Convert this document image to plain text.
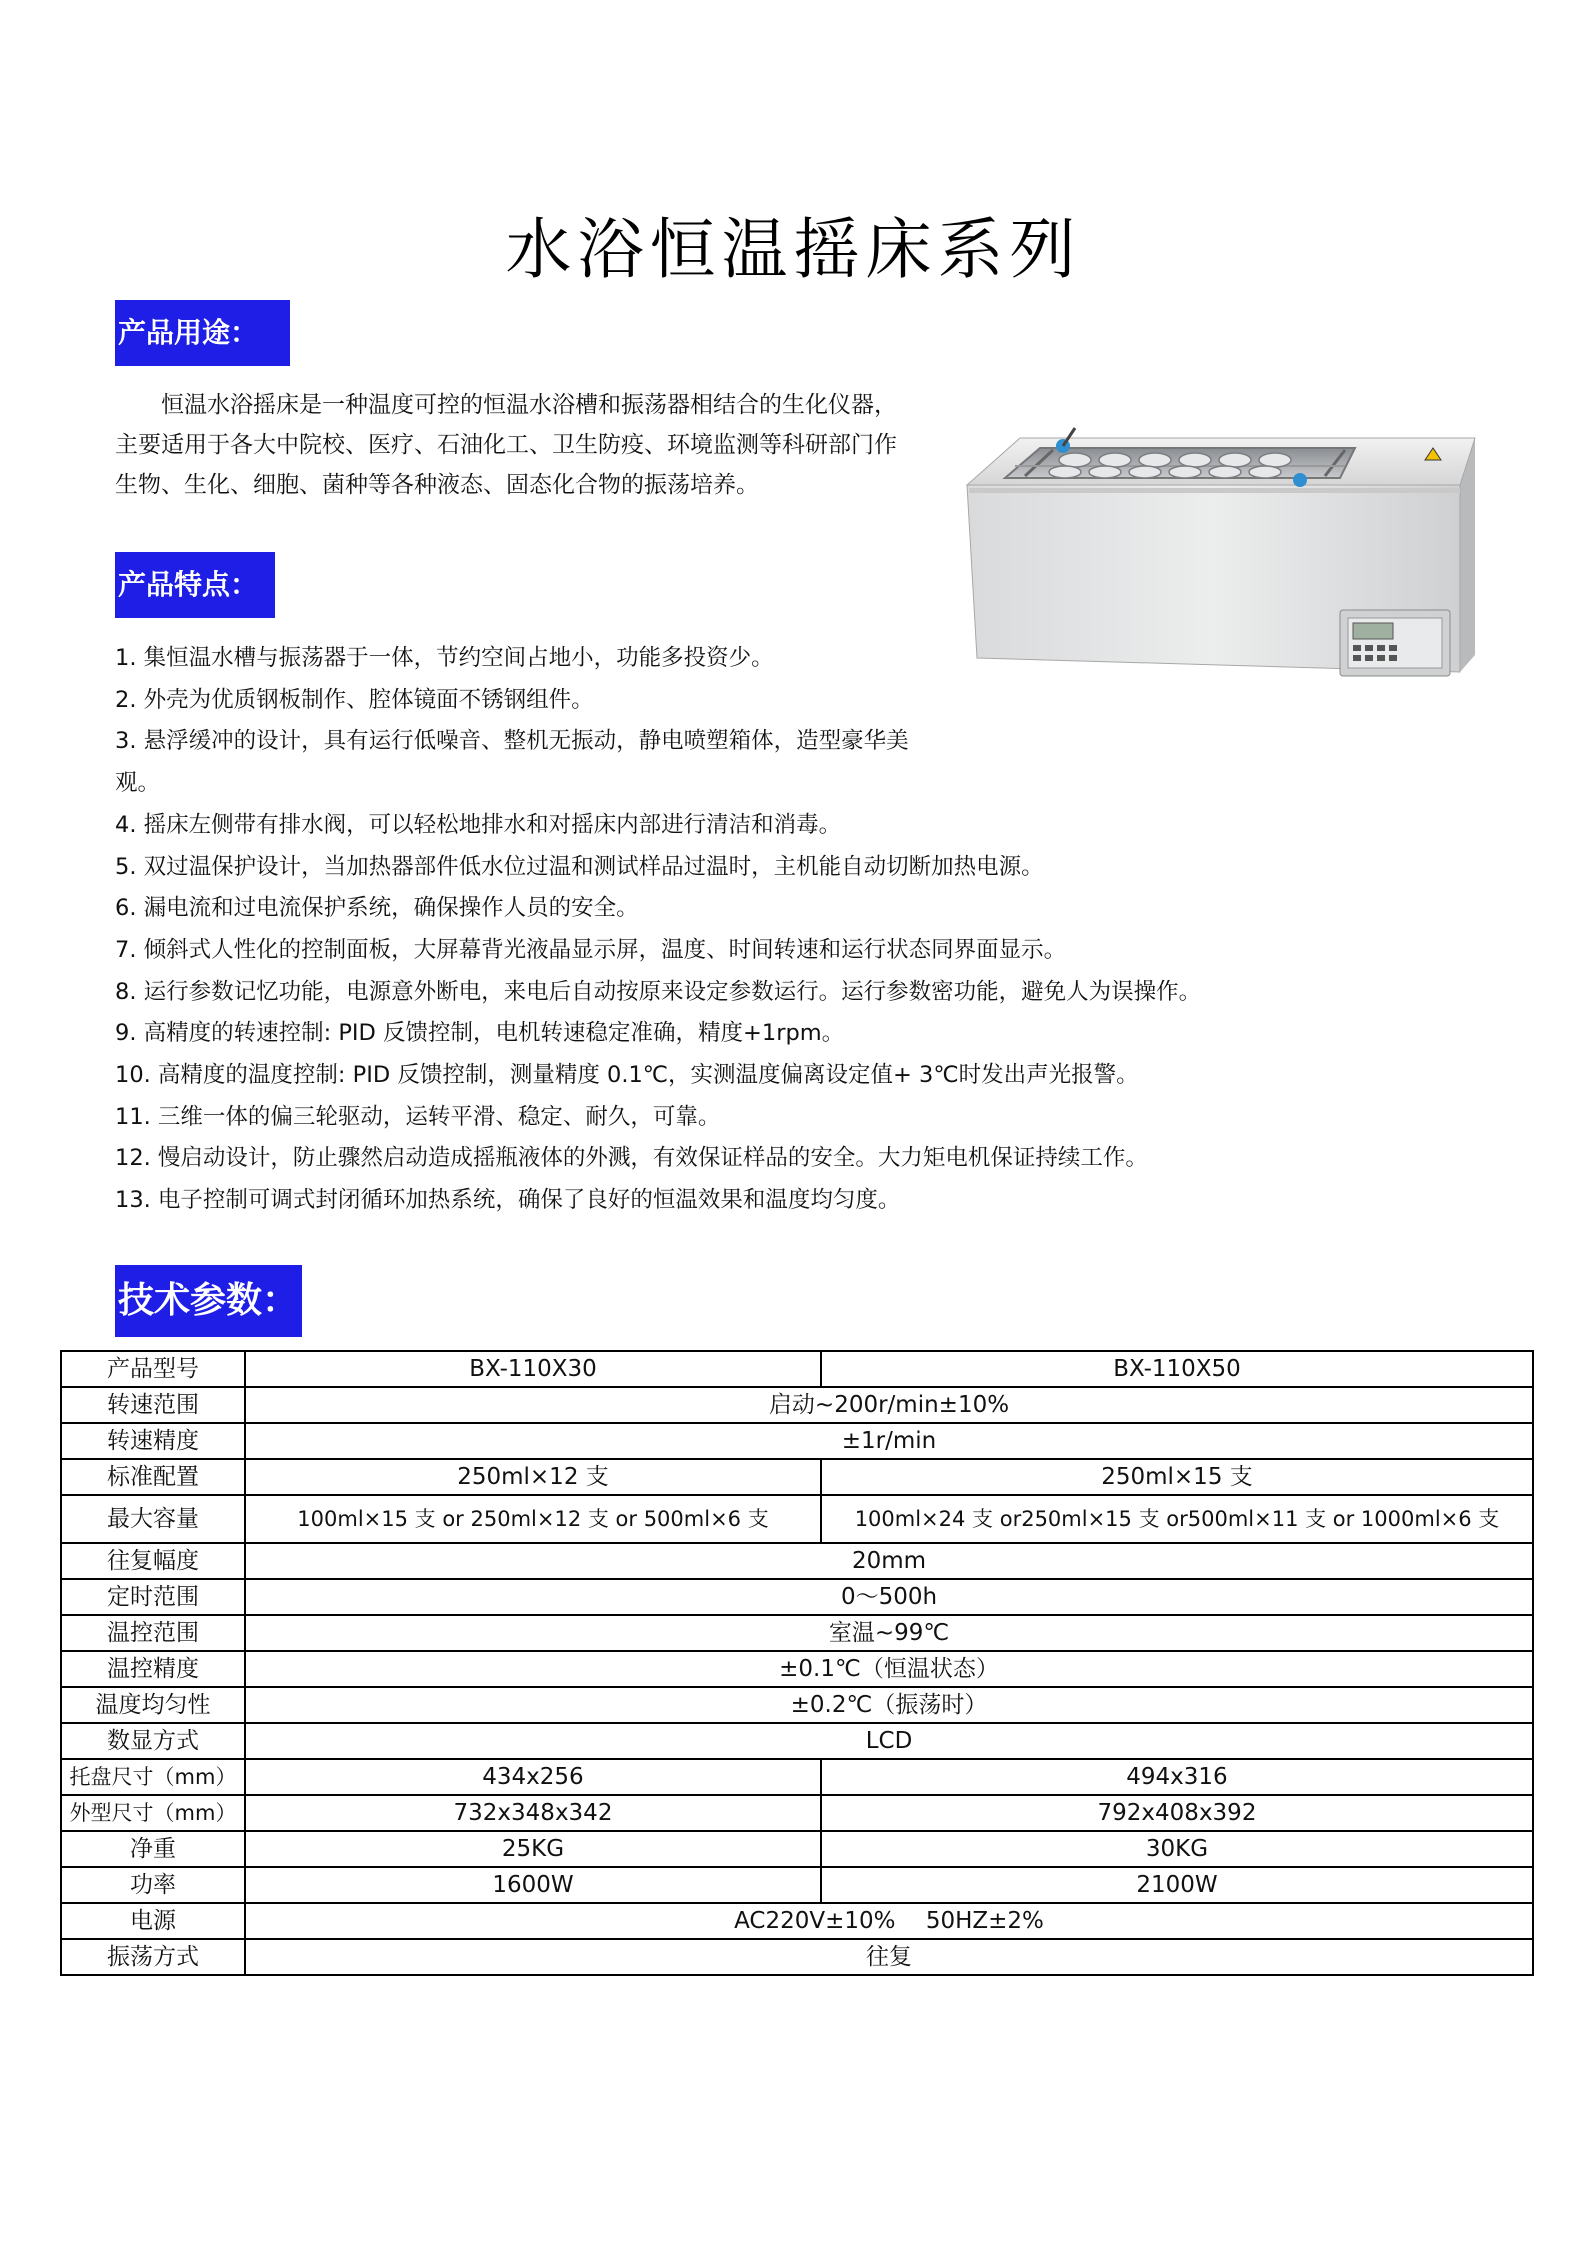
水浴恒温摇床系列
产品用途：

恒温水浴摇床是一种温度可控的恒温水浴槽和振荡器相结合的生化仪器，

主要适用于各大中院校、医疗、石油化工、卫生防疫、环境监测等科研部门作

生物、生化、细胞、菌种等各种液态、固态化合物的振荡培养。

产品特点：
1. 集恒温水槽与振荡器于一体，节约空间占地小，功能多投资少。
2. 外壳为优质钢板制作、腔体镜面不锈钢组件。
3. 悬浮缓冲的设计，具有运行低噪音、整机无振动，静电喷塑箱体，造型豪华美观。
4. 摇床左侧带有排水阀，可以轻松地排水和对摇床内部进行清洁和消毒。
5. 双过温保护设计，当加热器部件低水位过温和测试样品过温时，主机能自动切断加热电源。
6. 漏电流和过电流保护系统，确保操作人员的安全。
7. 倾斜式人性化的控制面板，大屏幕背光液晶显示屏，温度、时间转速和运行状态同界面显示。
8. 运行参数记忆功能，电源意外断电，来电后自动按原来设定参数运行。运行参数密功能，避免人为误操作。
9. 高精度的转速控制: PID 反馈控制，电机转速稳定准确，精度+1rpm。
10. 高精度的温度控制: PID 反馈控制，测量精度 0.1℃，实测温度偏离设定值+ 3℃时发出声光报警。
11. 三维一体的偏三轮驱动，运转平滑、稳定、耐久，可靠。
12. 慢启动设计，防止骤然启动造成摇瓶液体的外溅，有效保证样品的安全。大力矩电机保证持续工作。
13. 电子控制可调式封闭循环加热系统，确保了良好的恒温效果和温度均匀度。
技术参数：
产品型号	BX-110X30	BX-110X50
转速范围	启动~200r/min±10%	
转速精度	±1r/min	
标准配置	250ml×12 支	250ml×15 支
最大容量	100ml×15 支 or 250ml×12 支 or 500ml×6 支	100ml×24 支 or250ml×15 支 or500ml×11 支 or 1000ml×6 支
往复幅度	20mm	
定时范围	0～500h	
温控范围	室温~99℃	
温控精度	±0.1℃（恒温状态）	
温度均匀性	±0.2℃（振荡时）	
数显方式	LCD	
托盘尺寸（mm）	434x256	494x316
外型尺寸（mm）	732x348x342	792x408x392
净重	25KG	30KG
功率	1600W	2100W
电源	AC220V±10%　 50HZ±2%	
振荡方式	往复	
